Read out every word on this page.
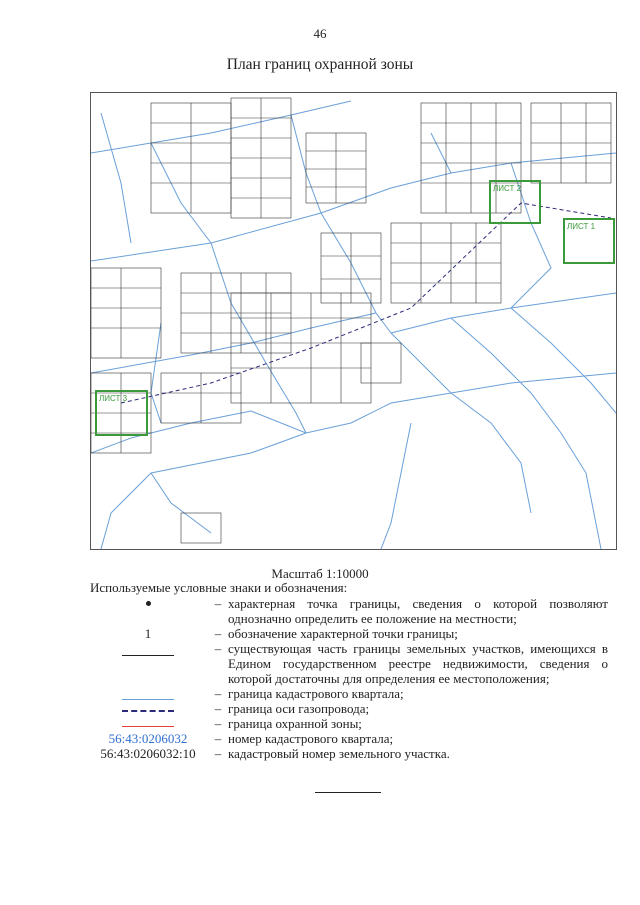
46
План границ охранной зоны
ЛИСТ 2
ЛИСТ 1
ЛИСТ 3
Масштаб 1:10000
Используемые условные знаки и обозначения:
– характерная точка границы, сведения о которой позволяют однозначно определить ее положение на местности;
1	– обозначение характерной точки границы;
– существующая часть границы земельных участков, имеющихся в Едином государственном реестре недвижимости, сведения о которой достаточны для определения ее местоположения;
– граница кадастрового квартала;
– граница оси газопровода;
– граница охранной зоны;
56:43:0206032	– номер кадастрового квартала;
56:43:0206032:10	– кадастровый номер земельного участка.
